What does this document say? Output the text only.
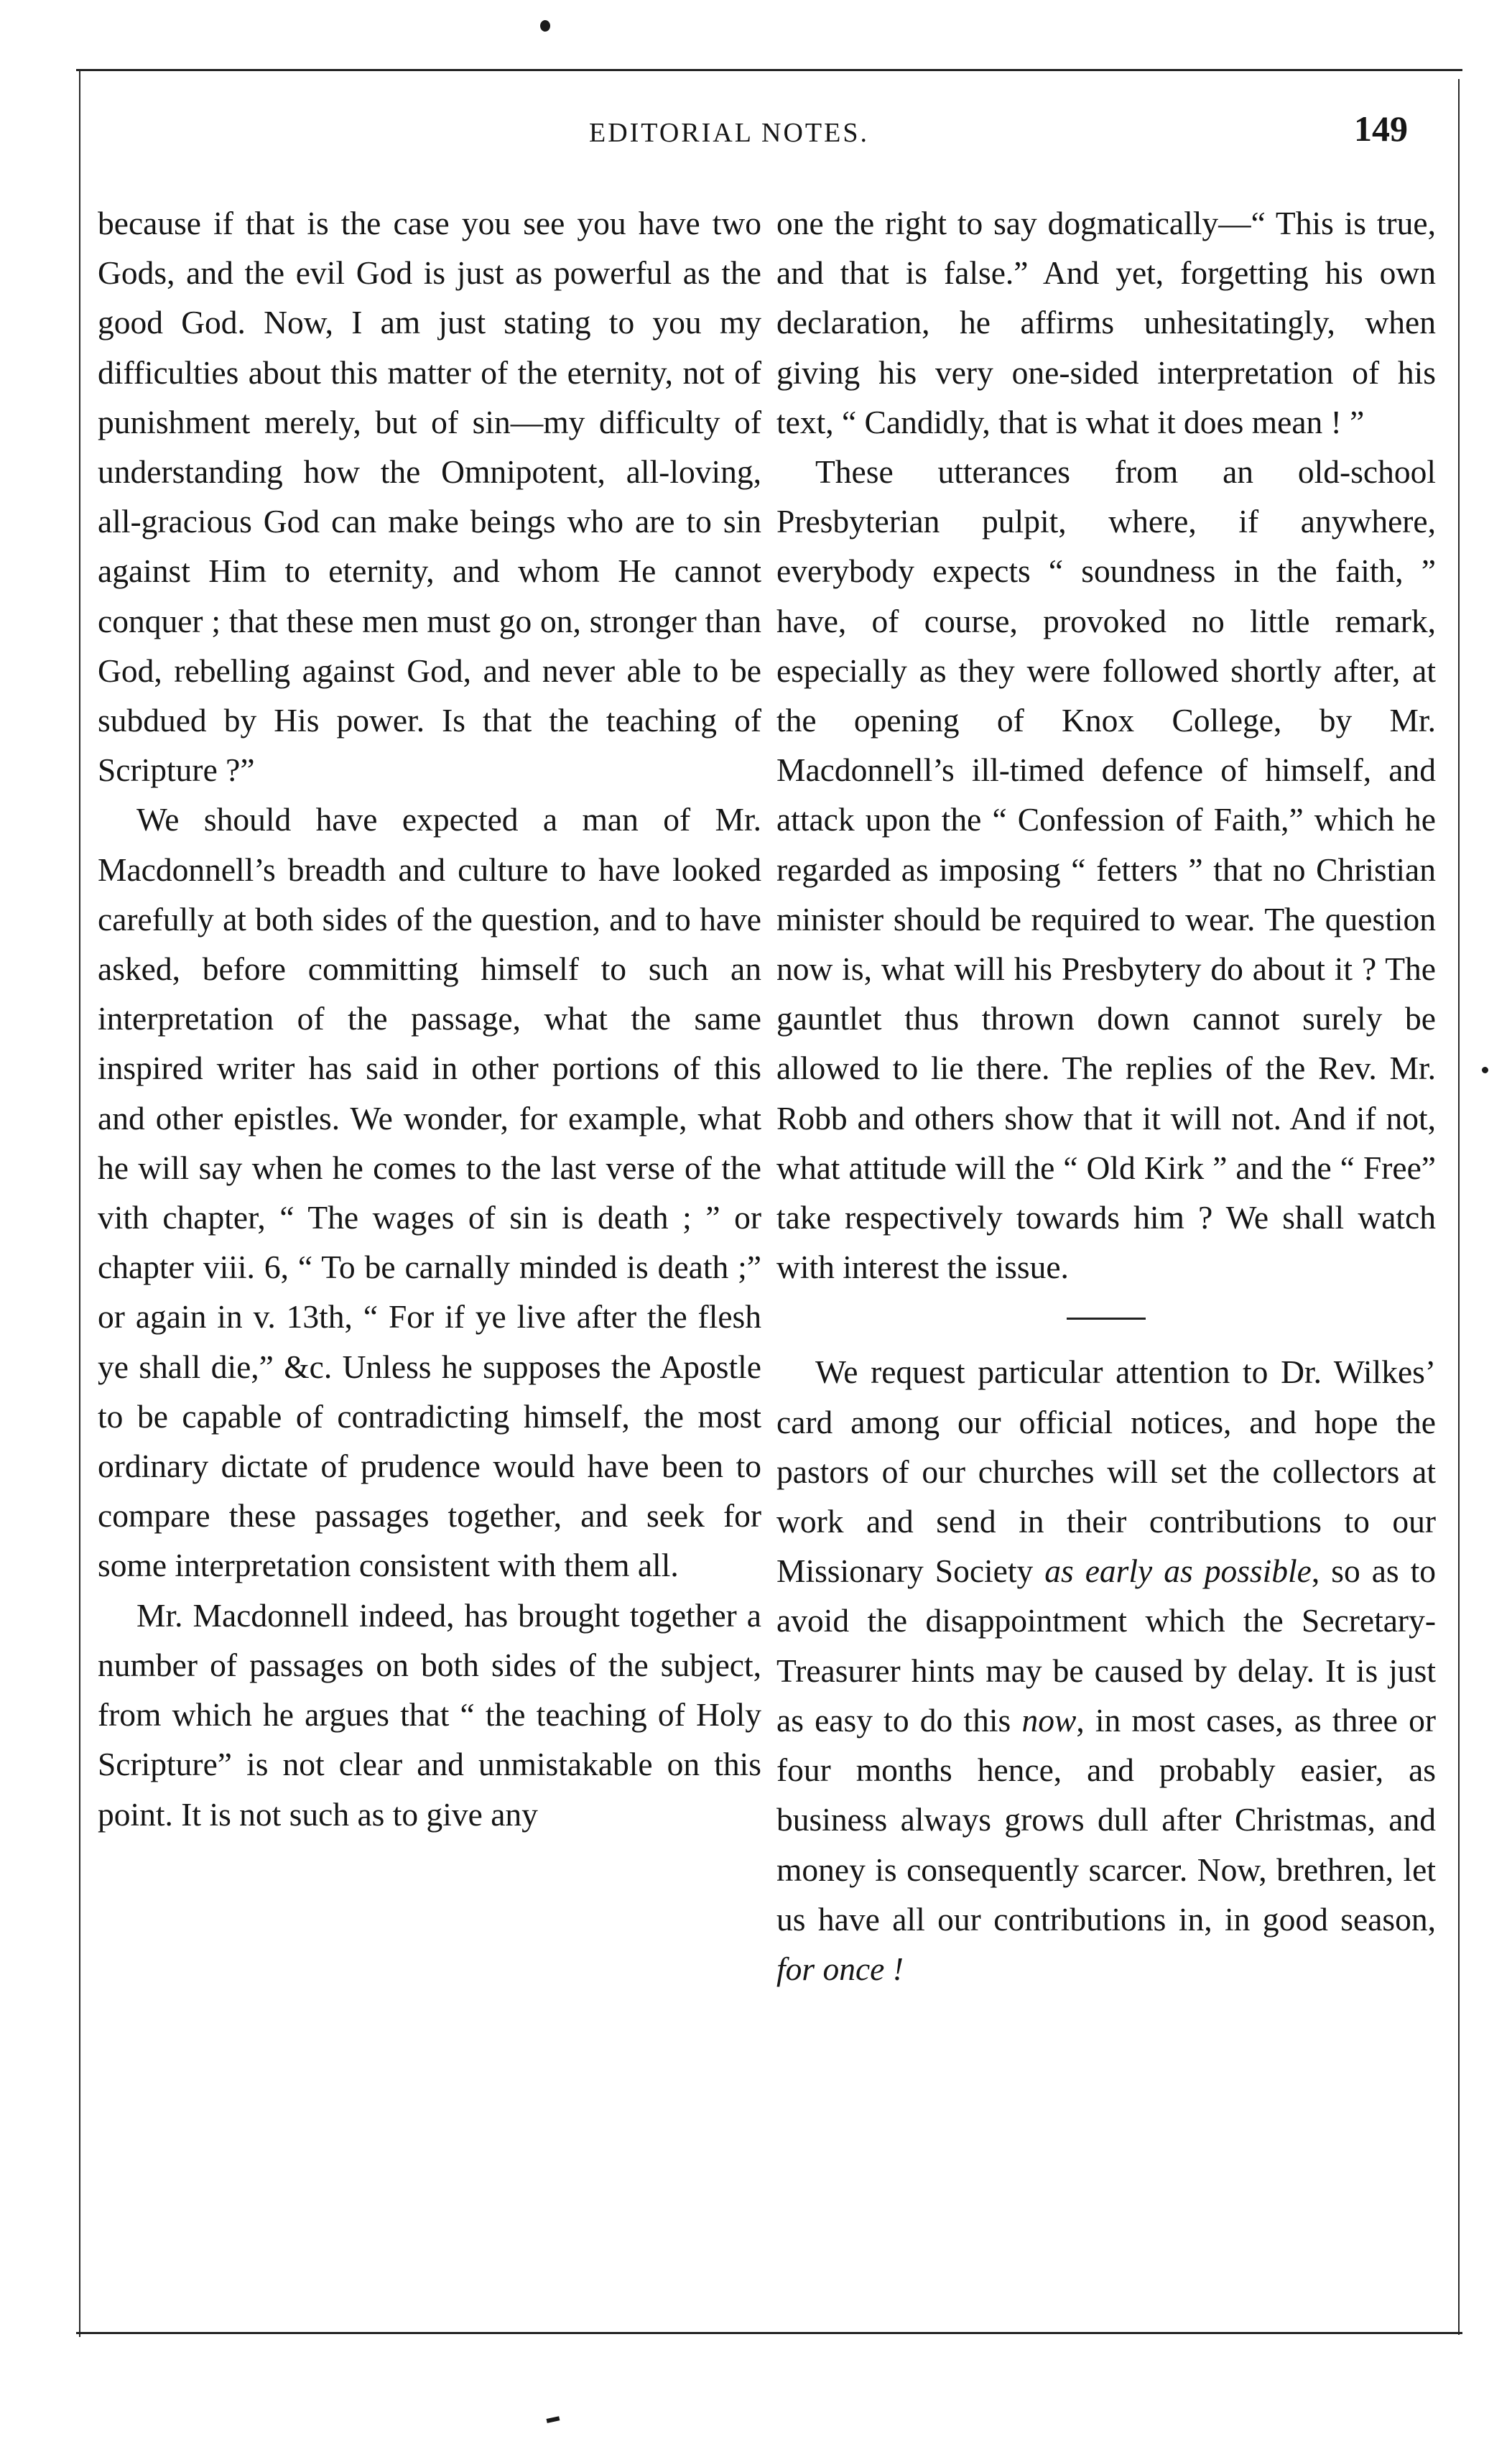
EDITORIAL NOTES.	149

because if that is the case you see you have two Gods, and the evil God is just as powerful as the good God. Now, I am just stating to you my difficulties about this matter of the eternity, not of punishment merely, but of sin—my difficulty of understanding how the Omnipotent, all-loving, all-gracious God can make beings who are to sin against Him to eternity, and whom He cannot conquer ; that these men must go on, stronger than God, rebelling against God, and never able to be subdued by His power. Is that the teaching of Scripture ?”

We should have expected a man of Mr. Macdonnell’s breadth and culture to have looked carefully at both sides of the question, and to have asked, before committing himself to such an interpretation of the passage, what the same inspired writer has said in other portions of this and other epistles. We wonder, for example, what he will say when he comes to the last verse of the vith chapter, “ The wages of sin is death ; ” or chapter viii. 6, “ To be carnally minded is death ;” or again in v. 13th, “ For if ye live after the flesh ye shall die,” &c. Unless he supposes the Apostle to be capable of contradicting himself, the most ordinary dictate of prudence would have been to compare these passages together, and seek for some interpretation consistent with them all.

Mr. Macdonnell indeed, has brought together a number of passages on both sides of the subject, from which he argues that “ the teaching of Holy Scripture” is not clear and unmistakable on this point. It is not such as to give any

one the right to say dogmatically—“ This is true, and that is false.” And yet, forgetting his own declaration, he affirms unhesitatingly, when giving his very one-sided interpretation of his text, “ Candidly, that is what it does mean ! ”

These utterances from an old-school Presbyterian pulpit, where, if anywhere, everybody expects “ soundness in the faith, ” have, of course, provoked no little remark, especially as they were followed shortly after, at the opening of Knox College, by Mr. Macdonnell’s ill-timed defence of himself, and attack upon the “ Confession of Faith,” which he regarded as imposing “ fetters ” that no Christian minister should be required to wear. The question now is, what will his Presbytery do about it ? The gauntlet thus thrown down cannot surely be allowed to lie there. The replies of the Rev. Mr. Robb and others show that it will not. And if not, what attitude will the “ Old Kirk ” and the “ Free” take respectively towards him ? We shall watch with interest the issue.

We request particular attention to Dr. Wilkes’ card among our official notices, and hope the pastors of our churches will set the collectors at work and send in their contributions to our Missionary Society as early as possible, so as to avoid the disappointment which the Secretary-Treasurer hints may be caused by delay. It is just as easy to do this now, in most cases, as three or four months hence, and probably easier, as business always grows dull after Christmas, and money is consequently scarcer. Now, brethren, let us have all our contributions in, in good season, for once !
